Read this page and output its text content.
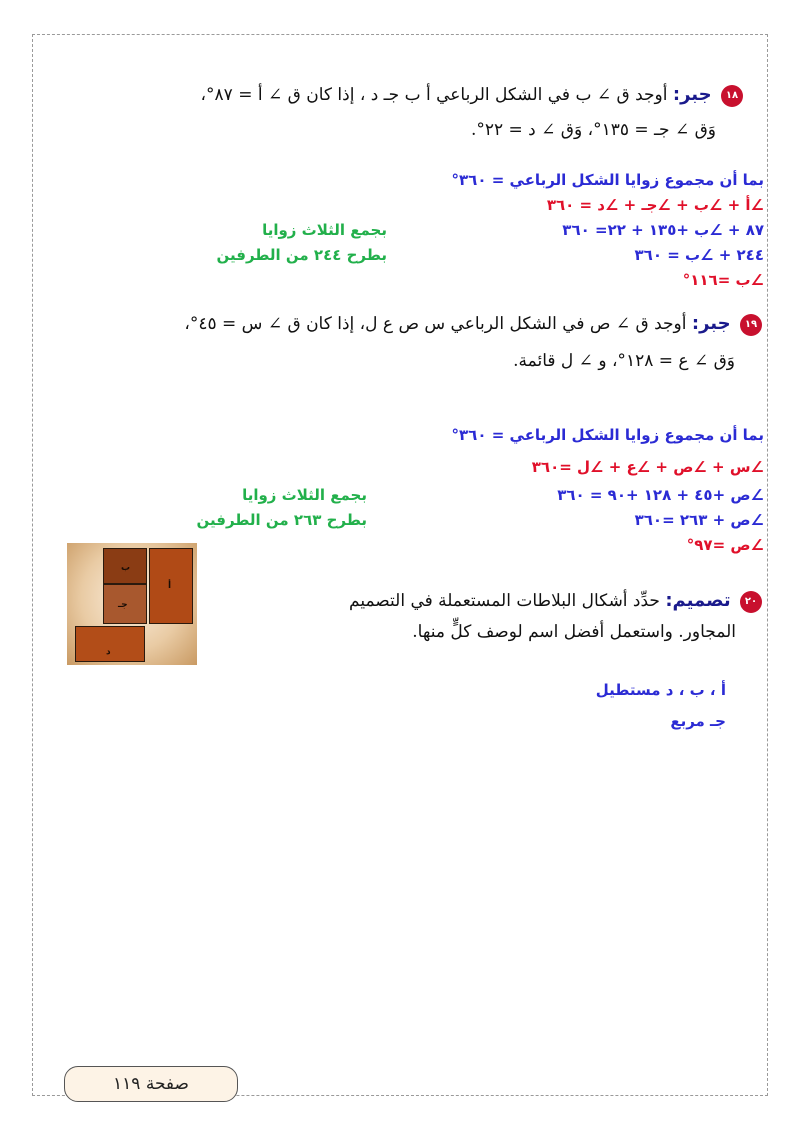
١٨ جبر: أوجد ق ∠ ب في الشكل الرباعي أ ب جـ د ، إذا كان ق ∠ أ = ٨٧°،
وَق ∠ جـ = ١٣٥°، وَق ∠ د = ٢٢°.
بما أن مجموع زوايا الشكل الرباعي = ٣٦٠°
∠أ + ∠ب + ∠جـ + ∠د = ٣٦٠
٨٧ + ∠ب +١٣٥ + ٢٢= ٣٦٠
٢٤٤ + ∠ب = ٣٦٠
∠ب =١١٦°
بجمع الثلاث زوايا
بطرح ٢٤٤ من الطرفين
١٩ جبر: أوجد ق ∠ ص في الشكل الرباعي س ص ع ل، إذا كان ق ∠ س = ٤٥°،
وَق ∠ ع = ١٢٨°، و ∠ ل قائمة.
بما أن مجموع زوايا الشكل الرباعي = ٣٦٠°
∠س + ∠ص + ∠ع + ∠ل =٣٦٠
∠ص +٤٥ + ١٢٨ +٩٠ = ٣٦٠
∠ص + ٢٦٣ =٣٦٠
∠ص =٩٧°
بجمع الثلاث زوايا
بطرح ٢٦٣ من الطرفين
٢٠ تصميم: حدِّد أشكال البلاطات المستعملة في التصميم
المجاور. واستعمل أفضل اسم لوصف كلٍّ منها.
ب
جـ
أ
د
أ ، ب ، د مستطيل
جـ مربع
صفحة ١١٩
